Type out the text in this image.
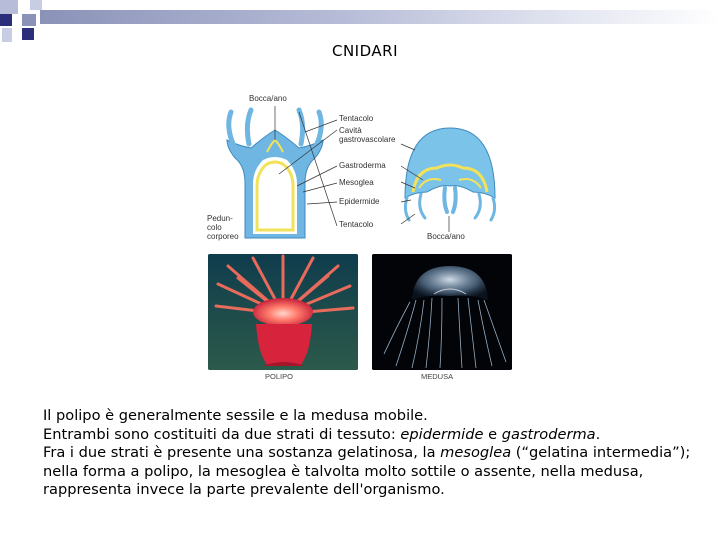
CNIDARI
Bocca/ano
Tentacolo
Cavità
gastrovascolare
Gastroderma
Mesoglea
Epidermide
Tentacolo
Bocca/ano
Pedun-
colo
corporeo
POLIPO	MEDUSA

Il polipo è generalmente sessile e la medusa mobile.

Entrambi sono costituiti da due strati di tessuto: epidermide e gastroderma.

Fra i due strati è presente una sostanza gelatinosa, la mesoglea (“gelatina intermedia”); nella forma a polipo, la mesoglea è talvolta molto sottile o assente, nella medusa, rappresenta invece la parte prevalente dell'organismo.
